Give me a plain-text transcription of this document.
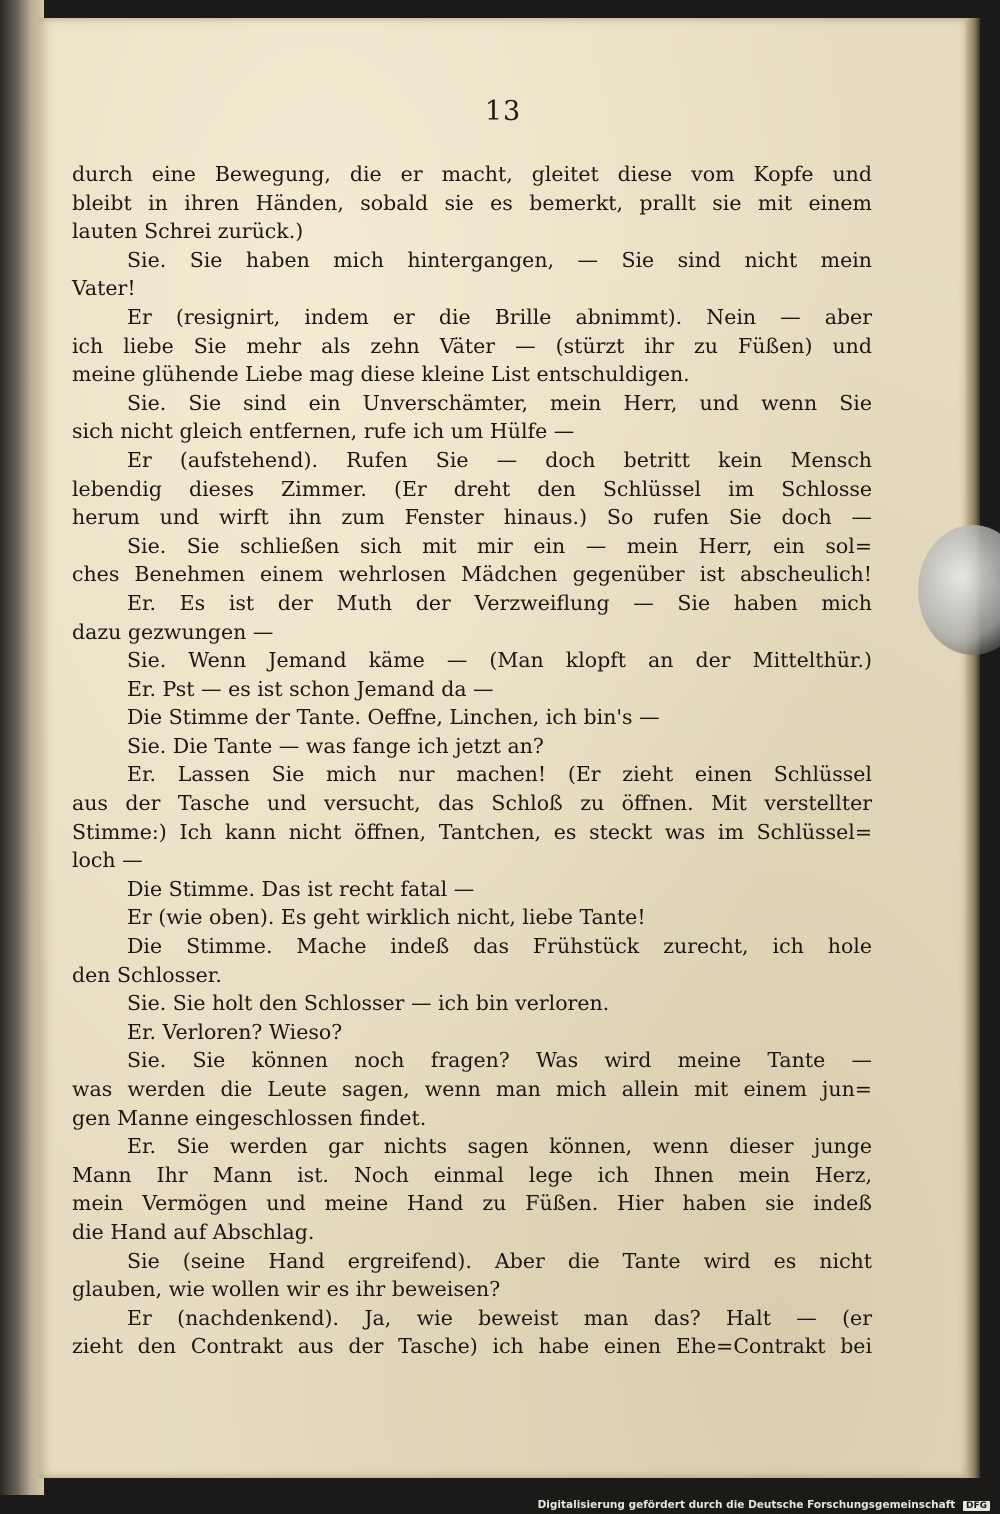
13
durch eine Bewegung, die er macht, gleitet diese vom Kopfe und
bleibt in ihren Händen, sobald sie es bemerkt, prallt sie mit einem
lauten Schrei zurück.)
Sie. Sie haben mich hintergangen, — Sie sind nicht mein
Vater!
Er (resignirt, indem er die Brille abnimmt). Nein — aber
ich liebe Sie mehr als zehn Väter — (stürzt ihr zu Füßen) und
meine glühende Liebe mag diese kleine List entschuldigen.
Sie. Sie sind ein Unverschämter, mein Herr, und wenn Sie
sich nicht gleich entfernen, rufe ich um Hülfe —
Er (aufstehend). Rufen Sie — doch betritt kein Mensch
lebendig dieses Zimmer. (Er dreht den Schlüssel im Schlosse
herum und wirft ihn zum Fenster hinaus.) So rufen Sie doch —
Sie. Sie schließen sich mit mir ein — mein Herr, ein sol=
ches Benehmen einem wehrlosen Mädchen gegenüber ist abscheulich!
Er. Es ist der Muth der Verzweiflung — Sie haben mich
dazu gezwungen —
Sie. Wenn Jemand käme — (Man klopft an der Mittelthür.)
Er. Pst — es ist schon Jemand da —
Die Stimme der Tante. Oeffne, Linchen, ich bin's —
Sie. Die Tante — was fange ich jetzt an?
Er. Lassen Sie mich nur machen! (Er zieht einen Schlüssel
aus der Tasche und versucht, das Schloß zu öffnen. Mit verstellter
Stimme:) Ich kann nicht öffnen, Tantchen, es steckt was im Schlüssel=
loch —
Die Stimme. Das ist recht fatal —
Er (wie oben). Es geht wirklich nicht, liebe Tante!
Die Stimme. Mache indeß das Frühstück zurecht, ich hole
den Schlosser.
Sie. Sie holt den Schlosser — ich bin verloren.
Er. Verloren? Wieso?
Sie. Sie können noch fragen? Was wird meine Tante —
was werden die Leute sagen, wenn man mich allein mit einem jun=
gen Manne eingeschlossen findet.
Er. Sie werden gar nichts sagen können, wenn dieser junge
Mann Ihr Mann ist. Noch einmal lege ich Ihnen mein Herz,
mein Vermögen und meine Hand zu Füßen. Hier haben sie indeß
die Hand auf Abschlag.
Sie (seine Hand ergreifend). Aber die Tante wird es nicht
glauben, wie wollen wir es ihr beweisen?
Er (nachdenkend). Ja, wie beweist man das? Halt — (er
zieht den Contrakt aus der Tasche) ich habe einen Ehe=Contrakt bei
Digitalisierung gefördert durch die Deutsche Forschungsgemeinschaft DFG
